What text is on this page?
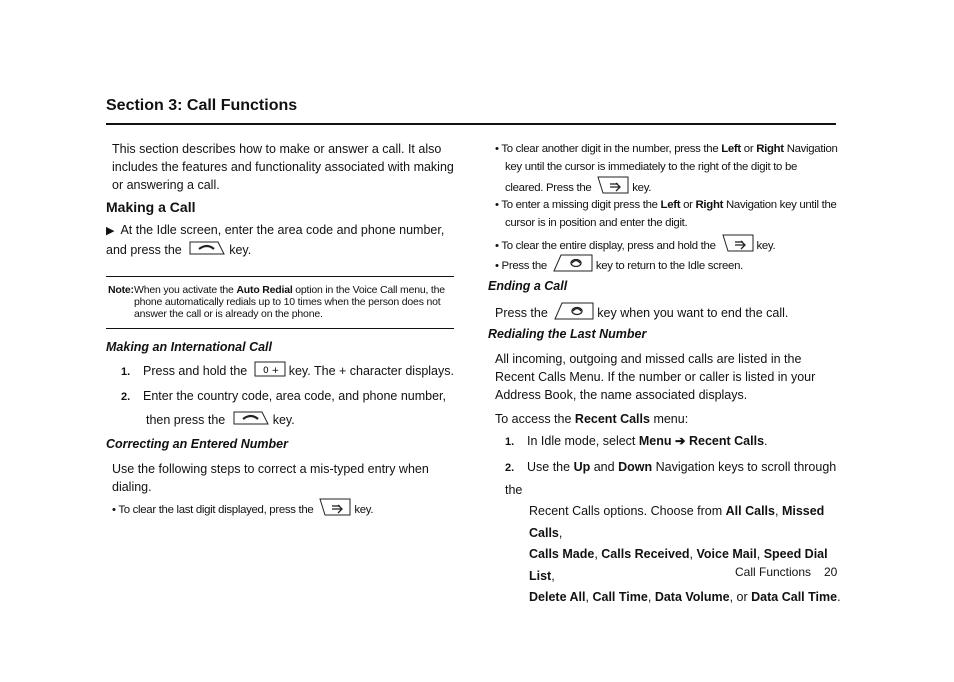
Section 3: Call Functions
This section describes how to make or answer a call. It also includes the features and functionality associated with making or answering a call.
Making a Call
▶ At the Idle screen, enter the area code and phone number, and press the	key.
Note: When you activate the Auto Redial option in the Voice Call menu, the phone automatically redials up to 10 times when the person does not answer the call or is already on the phone.
Making an International Call
1. Press and hold the 0 + key. The + character displays.
2. Enter the country code, area code, and phone number,
then press the	key.
Correcting an Entered Number
Use the following steps to correct a mis-typed entry when dialing.
• To clear the last digit displayed, press the	key.
• To clear another digit in the number, press the Left or Right Navigation
key until the cursor is immediately to the right of the digit to be
cleared. Press the	key.
• To enter a missing digit press the Left or Right Navigation key until the
cursor is in position and enter the digit.
• To clear the entire display, press and hold the	key.
• Press the	key to return to the Idle screen.
Ending a Call
Press the	key when you want to end the call.
Redialing the Last Number
All incoming, outgoing and missed calls are listed in the Recent Calls Menu. If the number or caller is listed in your Address Book, the name associated displays.
To access the Recent Calls menu:
1. In Idle mode, select Menu ➔ Recent Calls.
2. Use the Up and Down Navigation keys to scroll through the
Recent Calls options. Choose from All Calls, Missed Calls,
Calls Made, Calls Received, Voice Mail, Speed Dial List,
Delete All, Call Time, Data Volume, or Data Call Time.
Call Functions 20
